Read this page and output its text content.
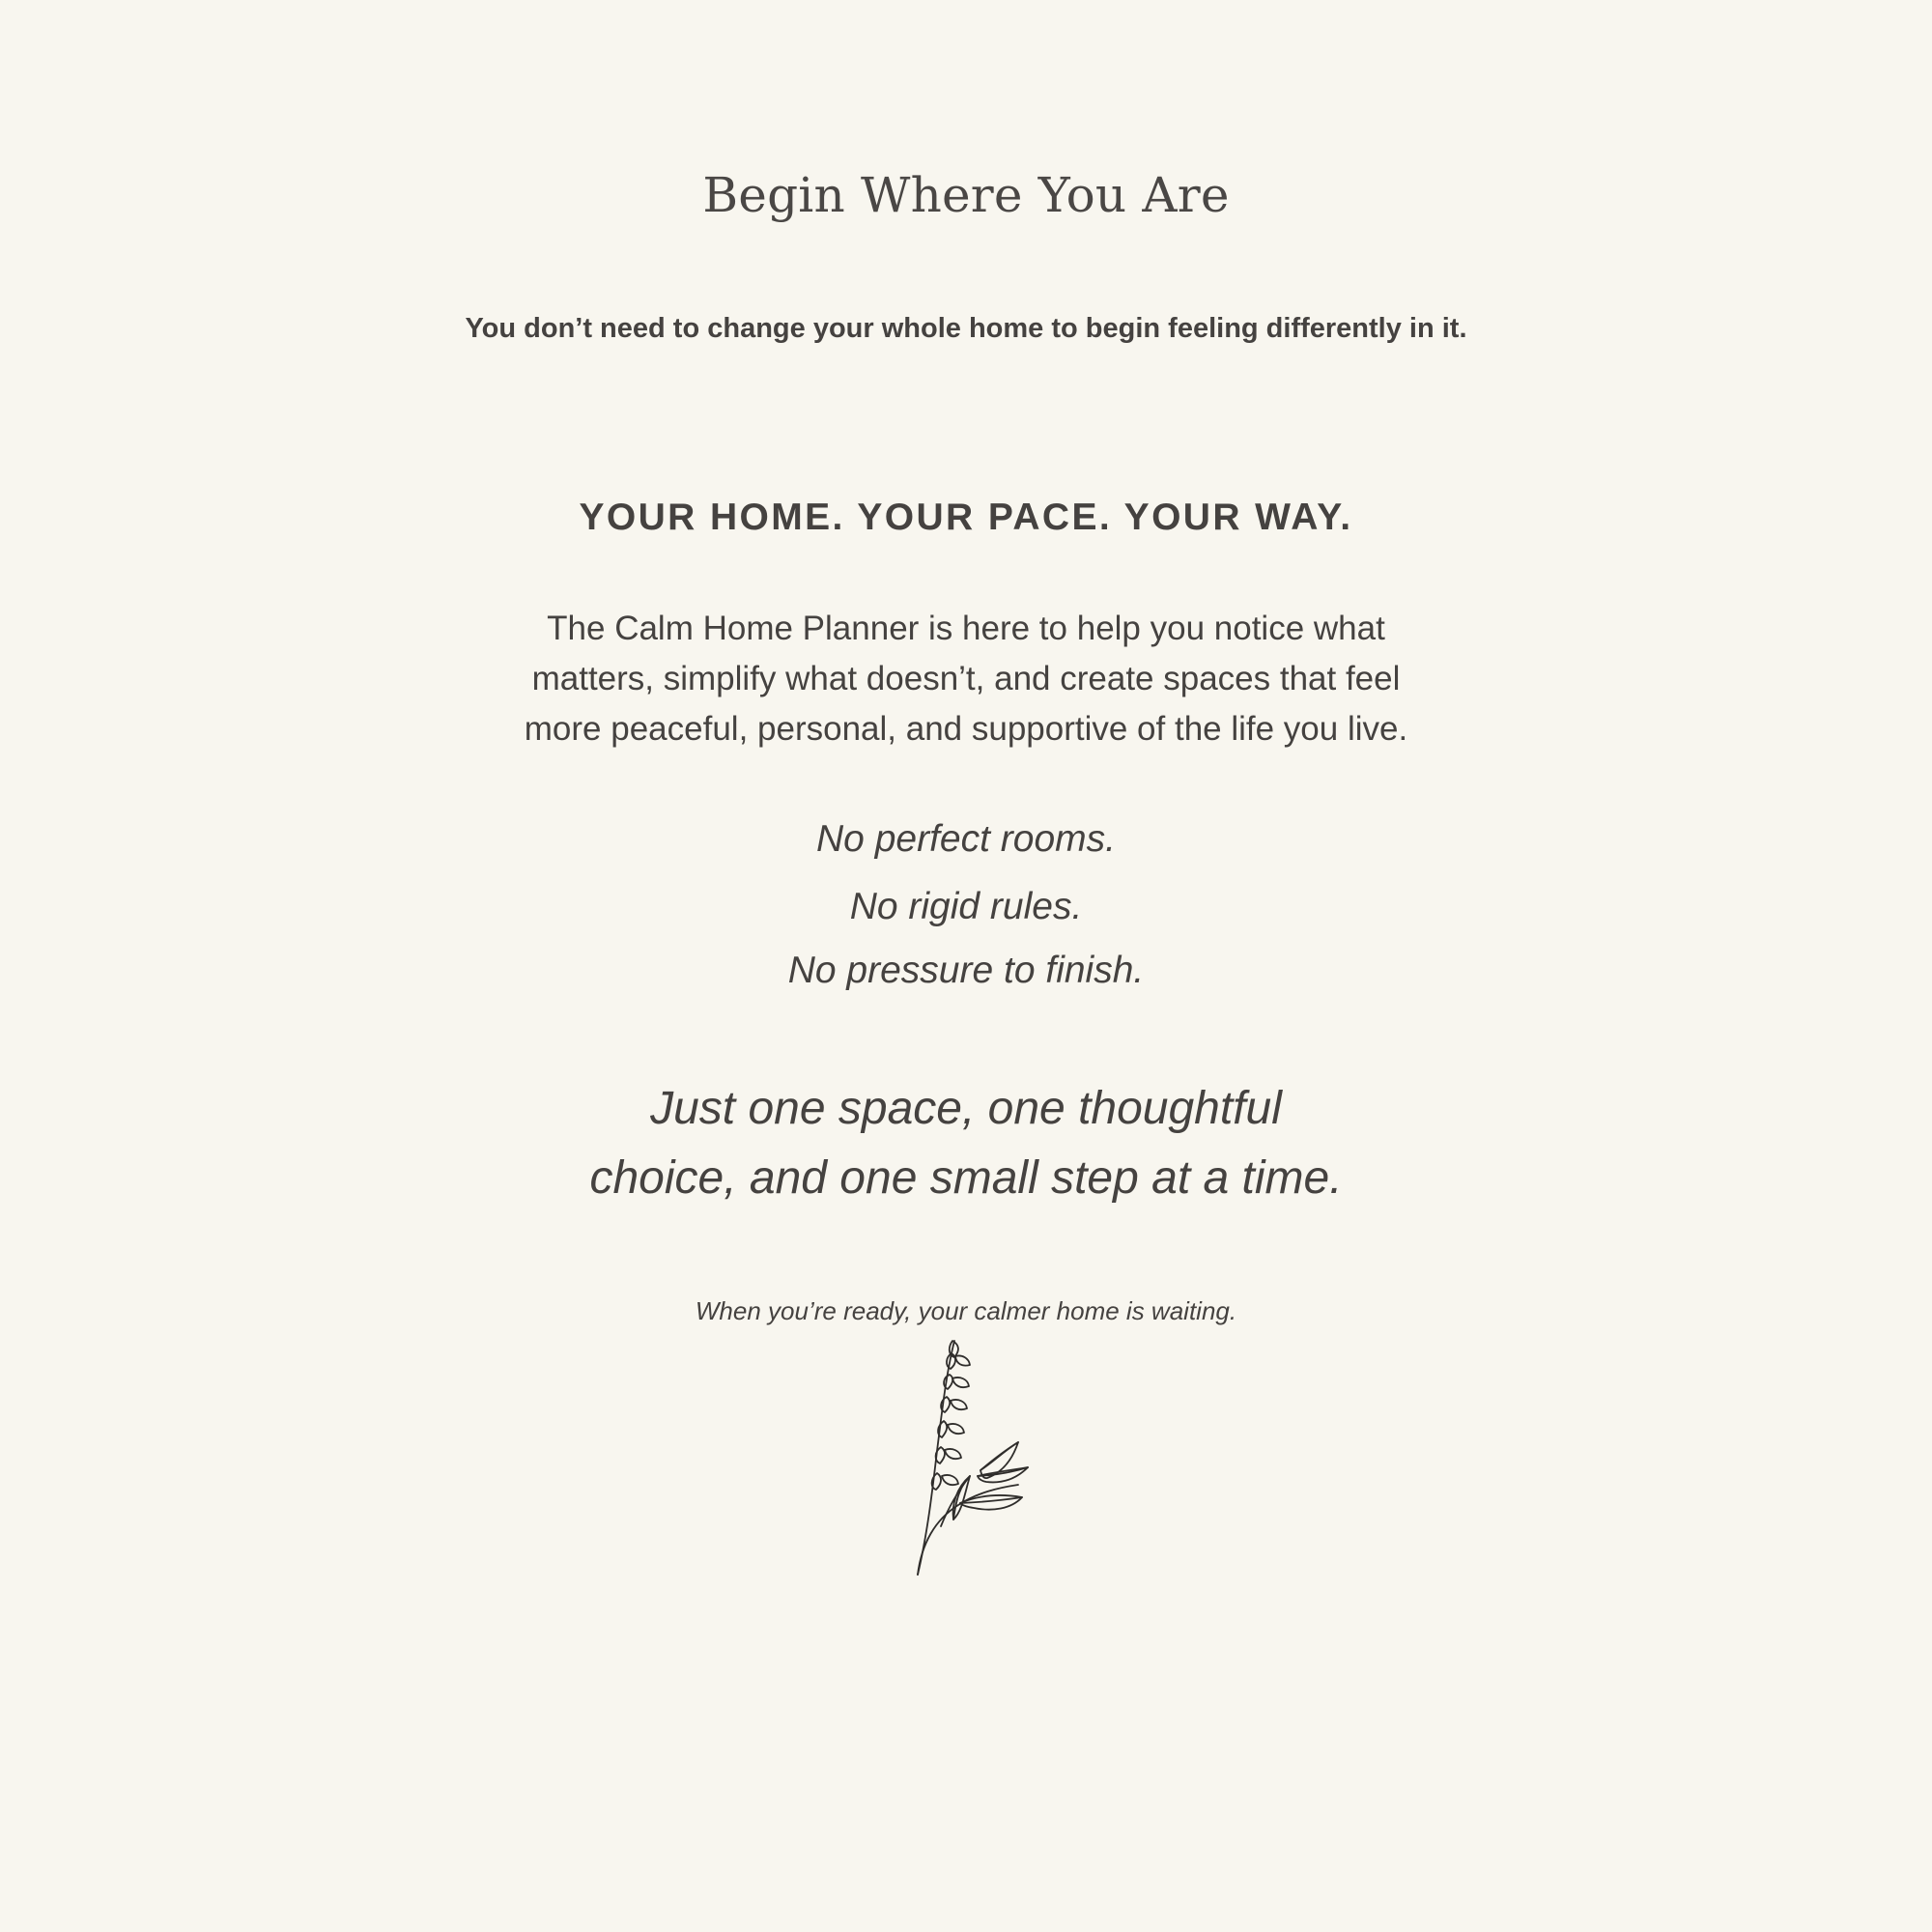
Begin Where You Are

You don’t need to change your whole home to begin feeling differently in it.

YOUR HOME. YOUR PACE. YOUR WAY.

The Calm Home Planner is here to help you notice what
matters, simplify what doesn’t, and create spaces that feel
more peaceful, personal, and supportive of the life you live.

No perfect rooms.

No rigid rules.

No pressure to finish.

Just one space, one thoughtful
choice, and one small step at a time.

When you’re ready, your calmer home is waiting.
